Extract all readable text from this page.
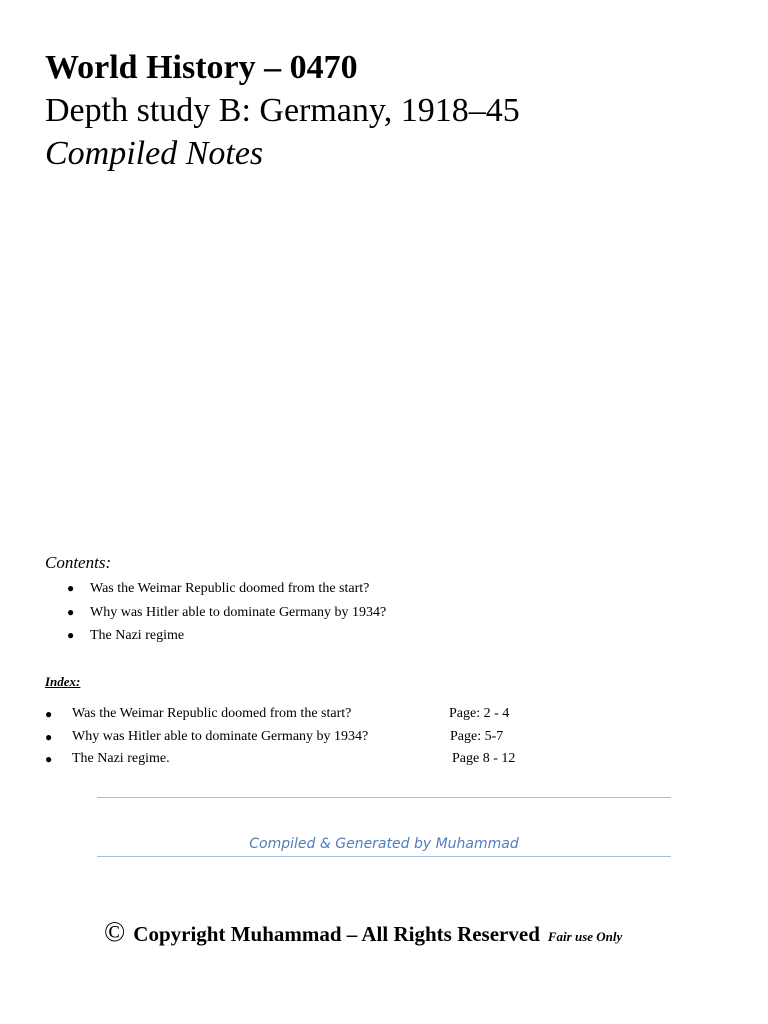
World History – 0470
Depth study B: Germany, 1918–45
Compiled Notes
Contents:
● Was the Weimar Republic doomed from the start?
● Why was Hitler able to dominate Germany by 1934?
● The Nazi regime
Index:
● Was the Weimar Republic doomed from the start?	Page: 2 - 4
● Why was Hitler able to dominate Germany by 1934?	Page: 5-7
● The Nazi regime.	Page 8 - 12
Compiled & Generated by Muhammad
© Copyright Muhammad – All Rights Reserved Fair use Only
